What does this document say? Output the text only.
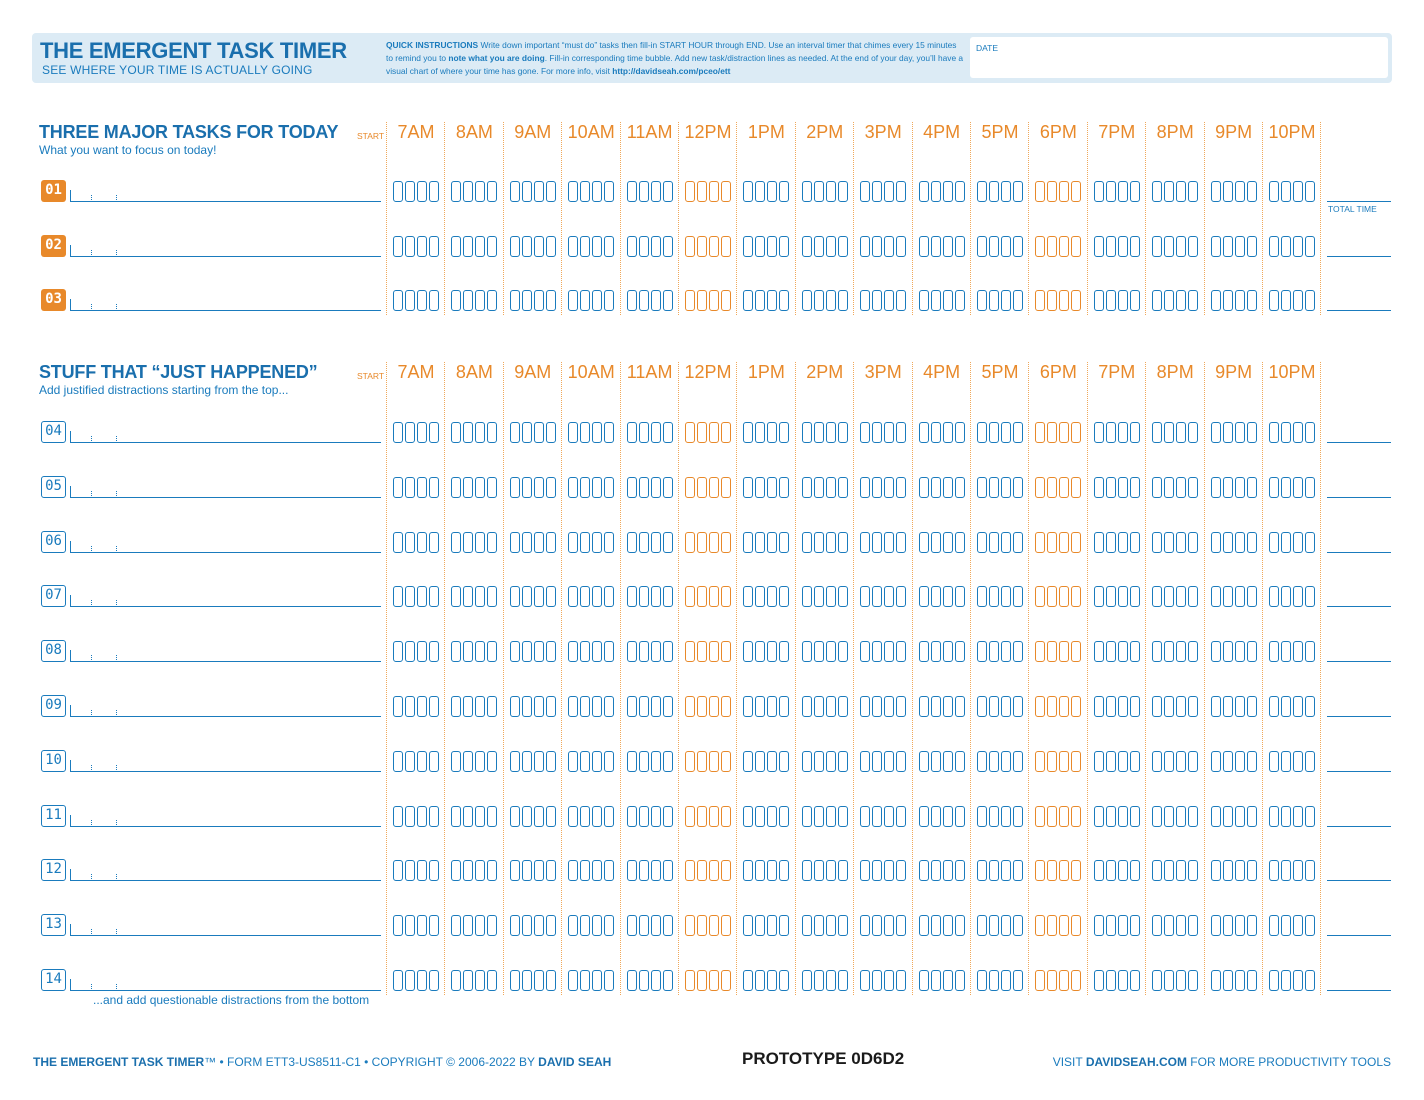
THE EMERGENT TASK TIMER
SEE WHERE YOUR TIME IS ACTUALLY GOING
QUICK INSTRUCTIONS Write down important “must do” tasks then fill-in START HOUR through END. Use an interval timer that chimes every 15 minutes to remind you to note what you are doing. Fill-in corresponding time bubble. Add new task/distraction lines as needed. At the end of your day, you’ll have a visual chart of where your time has gone. For more info, visit http://davidseah.com/pceo/ett
DATE
THREE MAJOR TASKS FOR TODAY
What you want to focus on today!
START
STUFF THAT “JUST HAPPENED”
Add justified distractions starting from the top...
START
TOTAL TIME
...and add questionable distractions from the bottom
7AM	8AM	9AM 10AM 11AM 12PM 1PM	2PM	3PM	4PM	5PM	6PM	7PM	8PM	9PM 10PM
7AM	8AM	9AM 10AM 11AM 12PM 1PM	2PM	3PM	4PM	5PM	6PM	7PM	8PM	9PM 10PM
01
02
03
04
05
06
07
08
09
10
11
12
13
14
THE EMERGENT TASK TIMER™ • FORM ETT3-US8511-C1 • COPYRIGHT © 2006-2022 BY DAVID SEAH	PROTOTYPE 0D6D2	VISIT DAVIDSEAH.COM FOR MORE PRODUCTIVITY TOOLS
